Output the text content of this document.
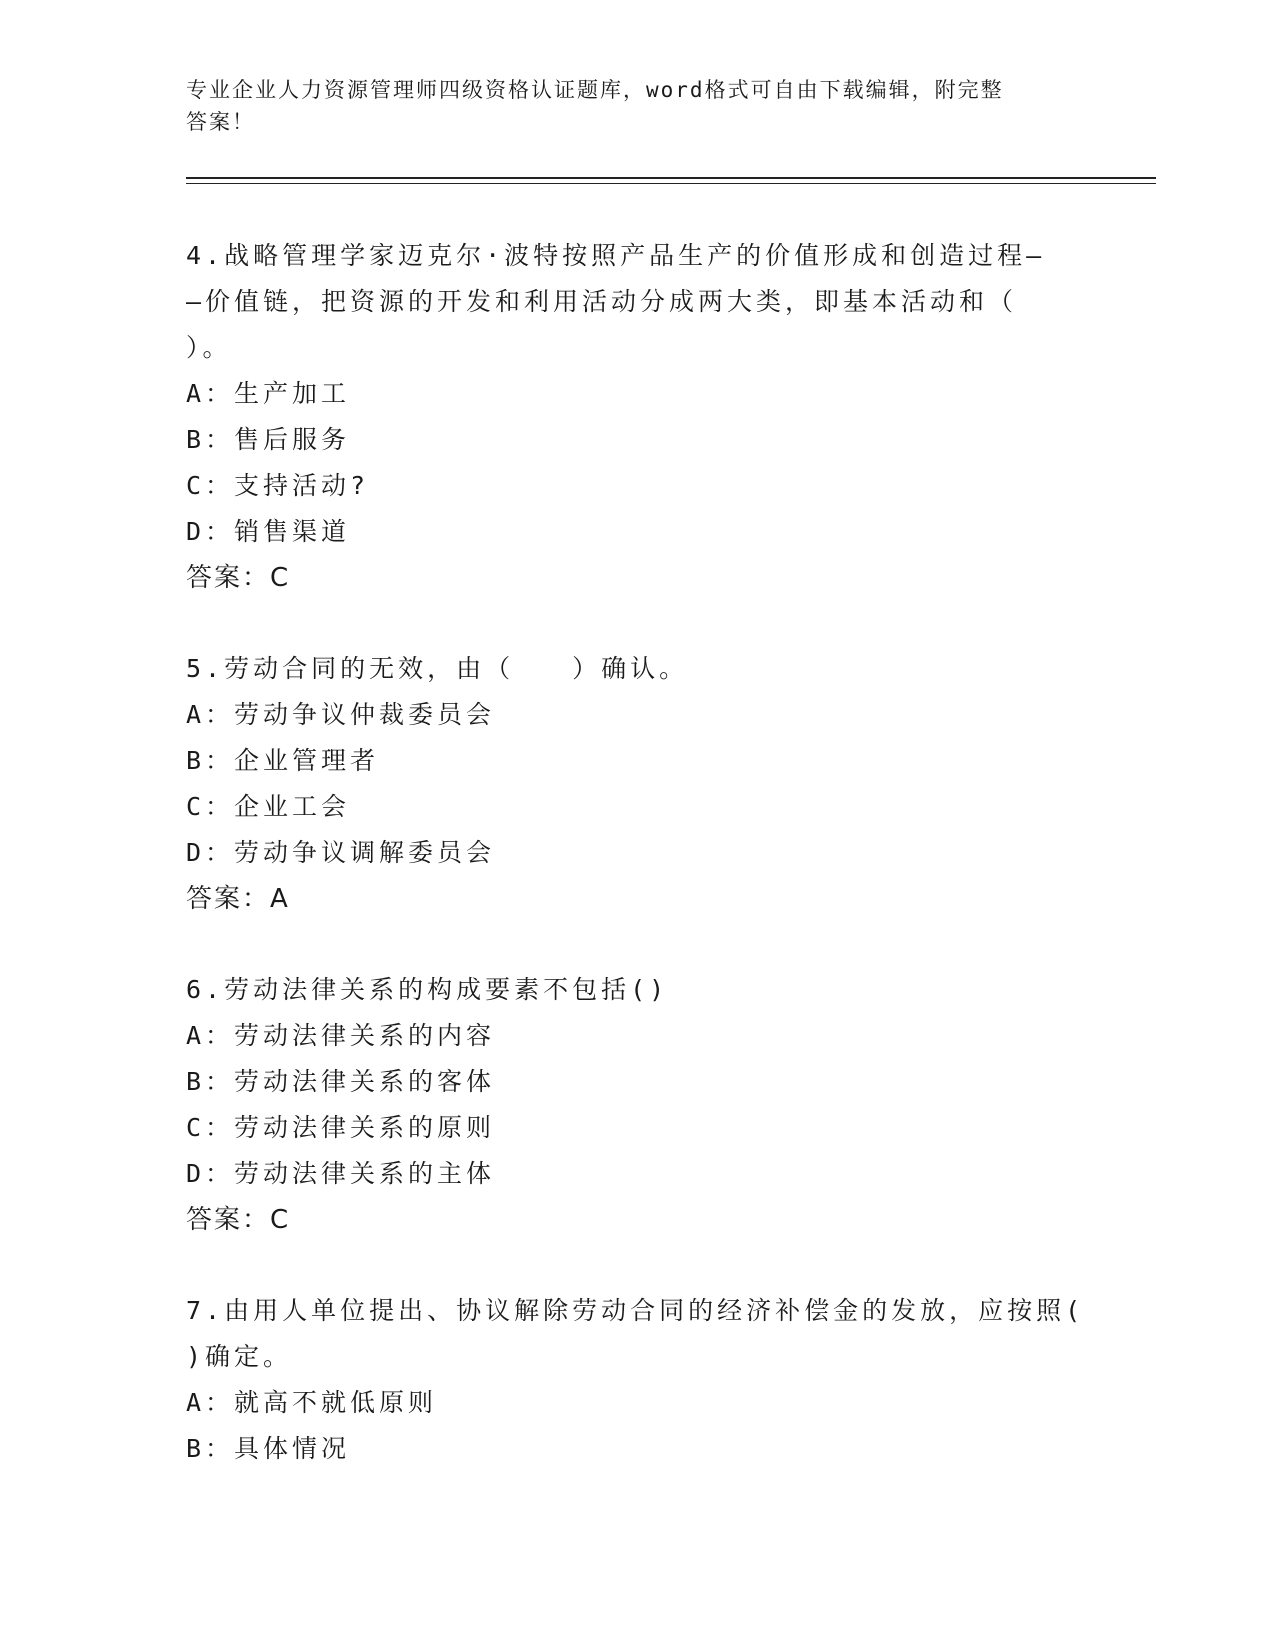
专业企业人力资源管理师四级资格认证题库，word格式可自由下载编辑，附完整
答案！
4.战略管理学家迈克尔·波特按照产品生产的价值形成和创造过程—
—价值链，把资源的开发和利用活动分成两大类，即基本活动和（
）。
A：生产加工
B：售后服务
C：支持活动?
D：销售渠道
答案：C
5.劳动合同的无效，由（　　）确认。
A：劳动争议仲裁委员会
B：企业管理者
C：企业工会
D：劳动争议调解委员会
答案：A
6.劳动法律关系的构成要素不包括()
A：劳动法律关系的内容
B：劳动法律关系的客体
C：劳动法律关系的原则
D：劳动法律关系的主体
答案：C
7.由用人单位提出、协议解除劳动合同的经济补偿金的发放，应按照(
)确定。
A：就高不就低原则
B：具体情况
